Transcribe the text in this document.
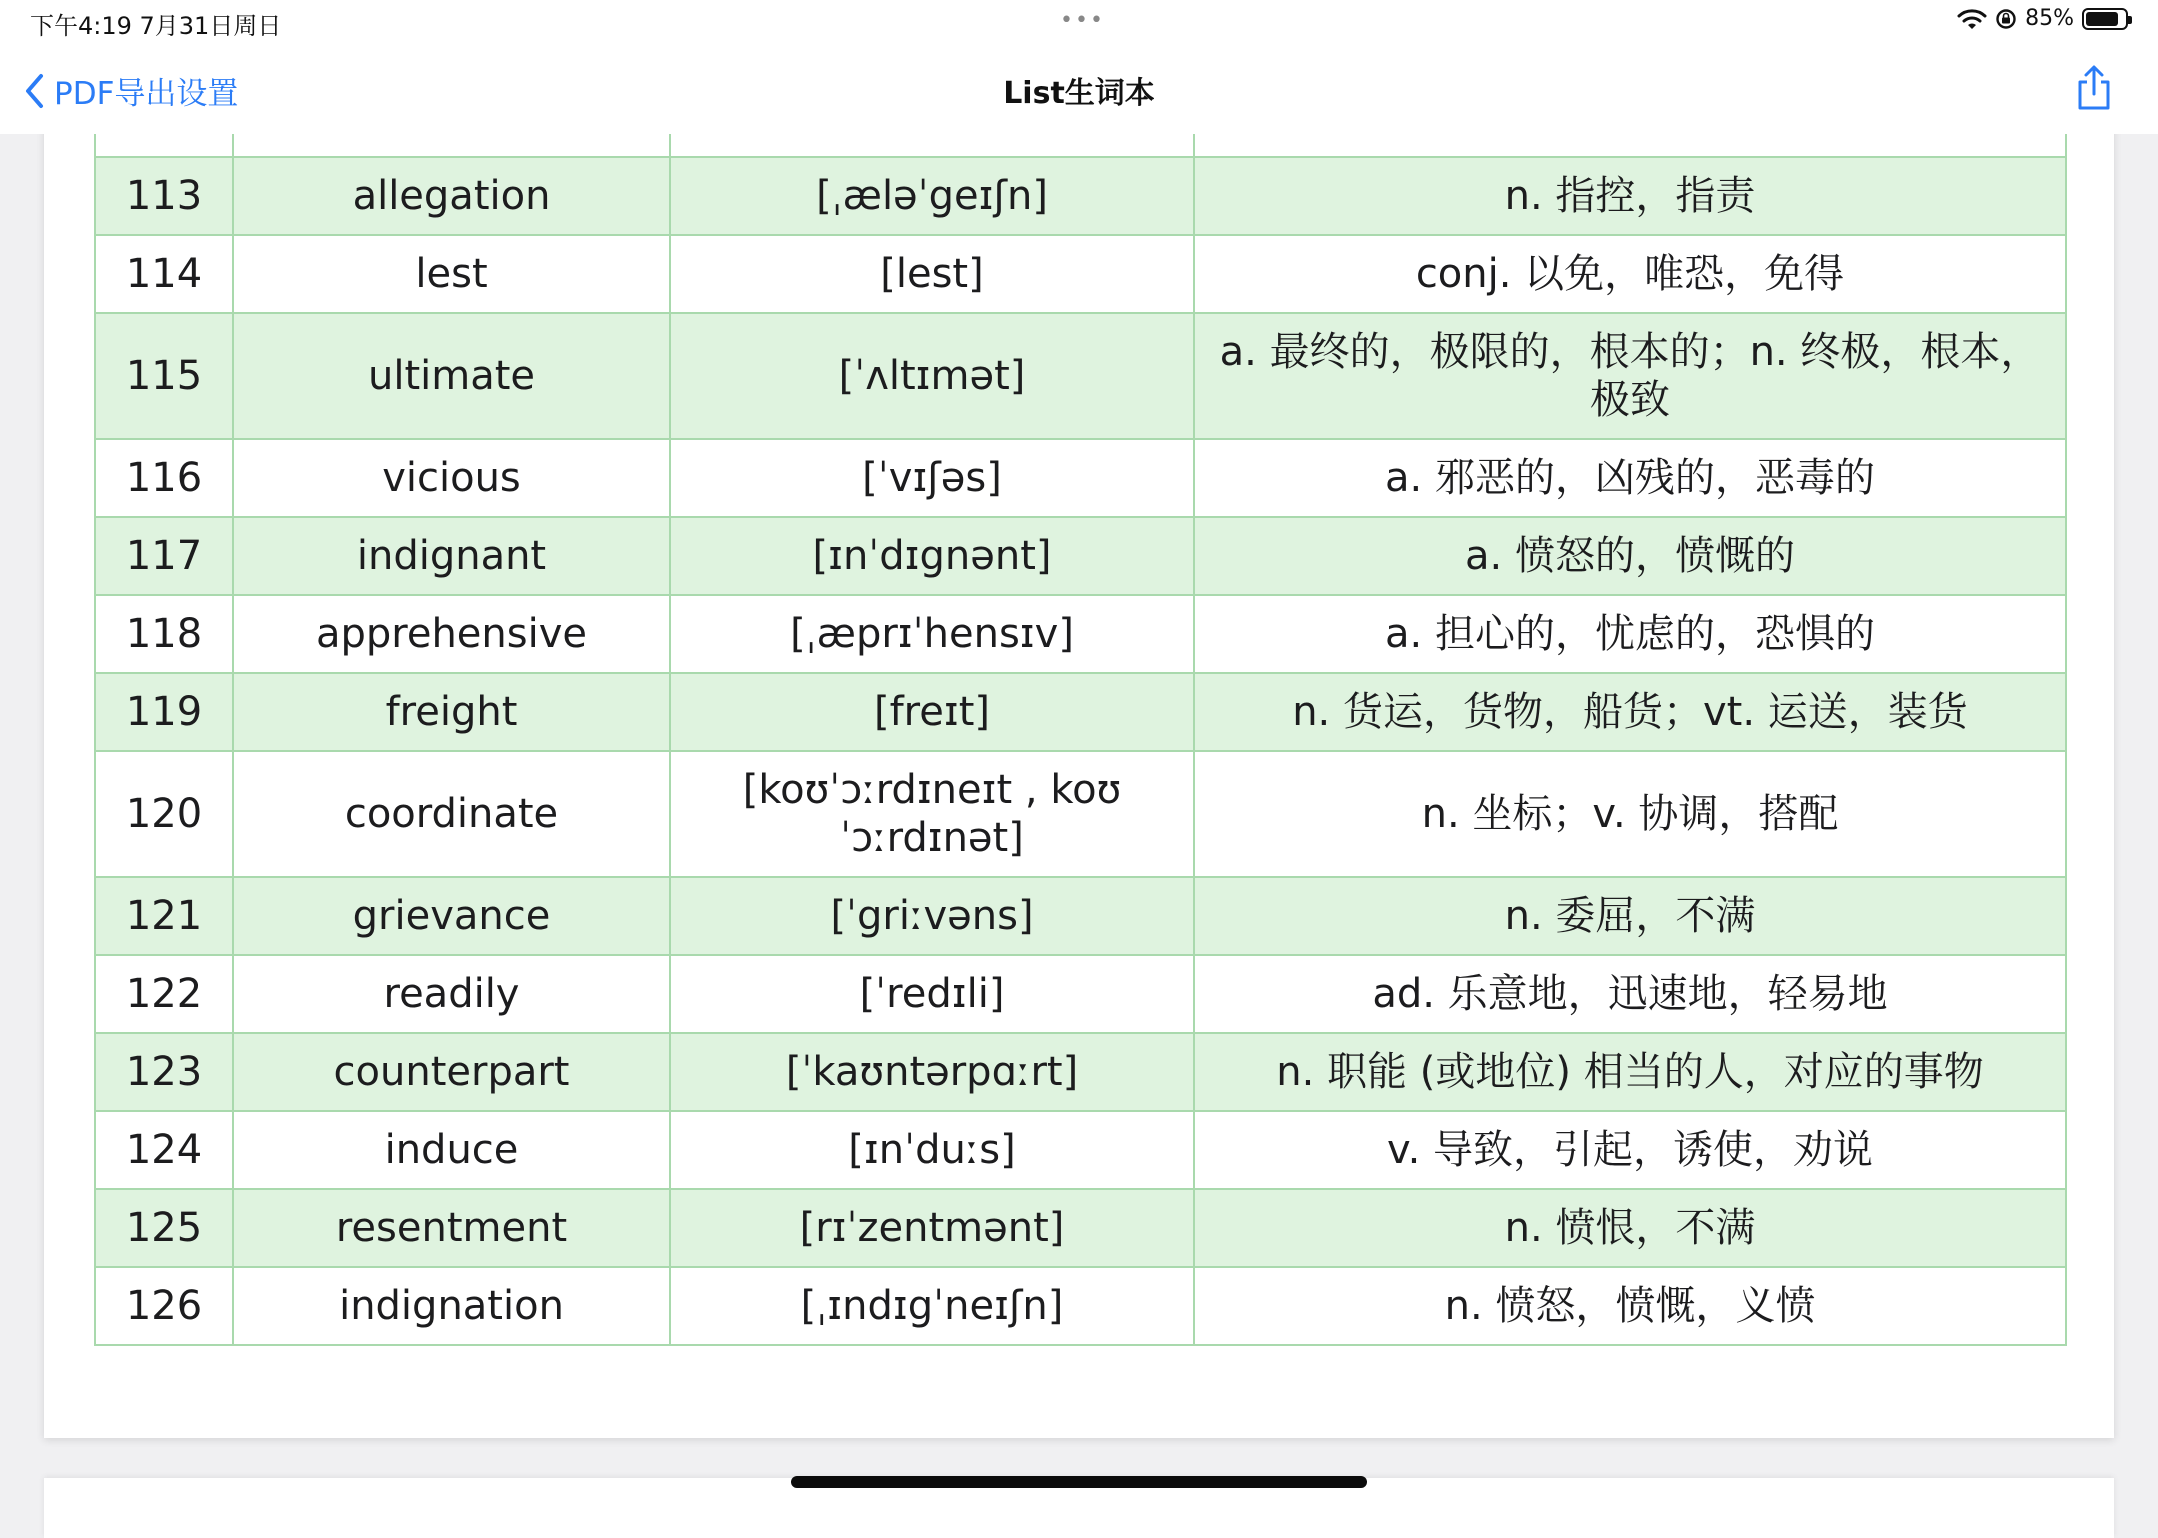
下午4:19 7月31日周日	•••	85%
PDF导出设置	List生词本

113	allegation	[ˌæləˈgeɪʃn]	n. 指控，指责
114	lest	[lest]	conj. 以免，唯恐，免得
115	ultimate	[ˈʌltɪmət]	a. 最终的，极限的，根本的；n. 终极，根本，极致
116	vicious	[ˈvɪʃəs]	a. 邪恶的，凶残的，恶毒的
117	indignant	[ɪnˈdɪgnənt]	a. 愤怒的，愤慨的
118	apprehensive	[ˌæprɪˈhensɪv]	a. 担心的，忧虑的，恐惧的
119	freight	[freɪt]	n. 货运，货物，船货；vt. 运送，装货
120	coordinate	[koʊˈɔːrdɪneɪt , koʊˈɔːrdɪnət]	n. 坐标；v. 协调，搭配
121	grievance	[ˈgriːvəns]	n. 委屈，不满
122	readily	[ˈredɪli]	ad. 乐意地，迅速地，轻易地
123	counterpart	[ˈkaʊntərpɑːrt]	n. 职能 (或地位) 相当的人，对应的事物
124	induce	[ɪnˈduːs]	v. 导致，引起，诱使，劝说
125	resentment	[rɪˈzentmənt]	n. 愤恨，不满
126	indignation	[ˌɪndɪgˈneɪʃn]	n. 愤怒，愤慨，义愤
